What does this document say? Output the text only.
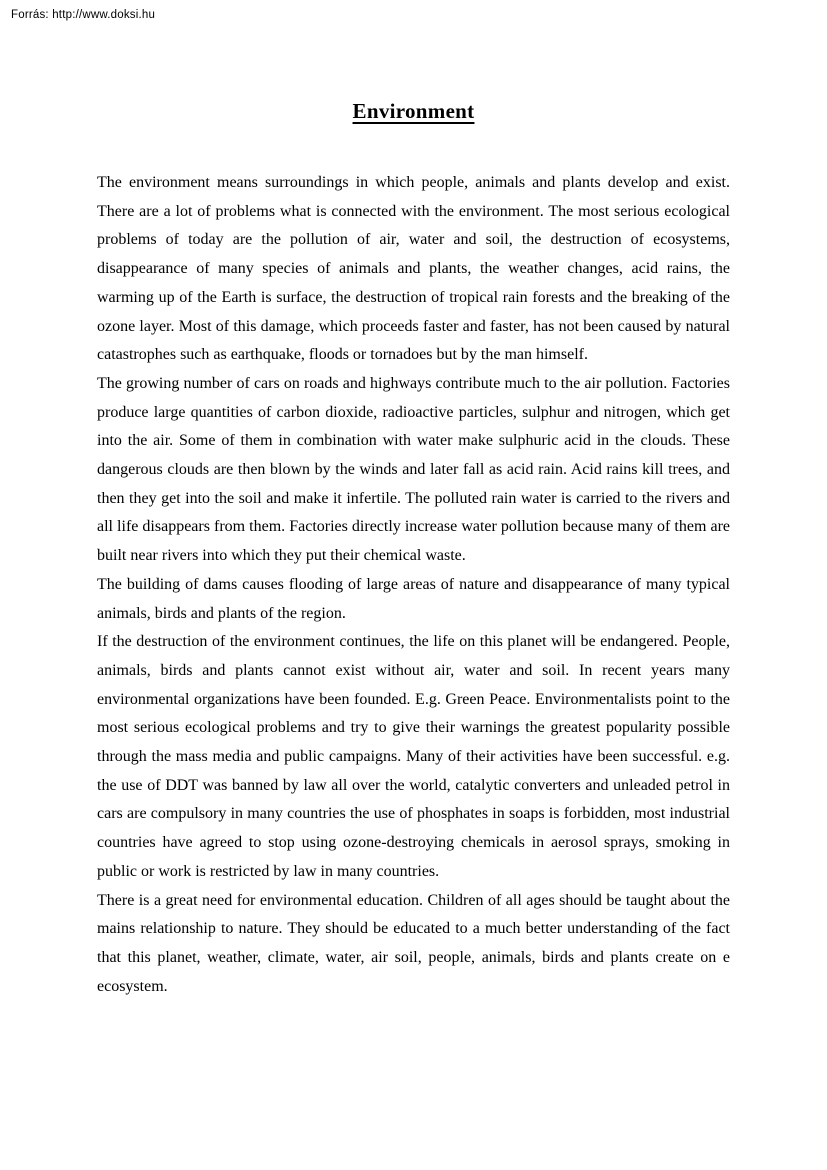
Forrás: http://www.doksi.hu
Environment

The environment means surroundings in which people, animals and plants develop and exist. There are a lot of problems what is connected with the environment. The most serious ecological problems of today are the pollution of air, water and soil, the destruction of ecosystems, disappearance of many species of animals and plants, the weather changes, acid rains, the warming up of the Earth is surface, the destruction of tropical rain forests and the breaking of the ozone layer. Most of this damage, which proceeds faster and faster, has not been caused by natural catastrophes such as earthquake, floods or tornadoes but by the man himself.

The growing number of cars on roads and highways contribute much to the air pollution. Factories produce large quantities of carbon dioxide, radioactive particles, sulphur and nitrogen, which get into the air. Some of them in combination with water make sulphuric acid in the clouds. These dangerous clouds are then blown by the winds and later fall as acid rain. Acid rains kill trees, and then they get into the soil and make it infertile. The polluted rain water is carried to the rivers and all life disappears from them. Factories directly increase water pollution because many of them are built near rivers into which they put their chemical waste.

The building of dams causes flooding of large areas of nature and disappearance of many typical animals, birds and plants of the region.

If the destruction of the environment continues, the life on this planet will be endangered. People, animals, birds and plants cannot exist without air, water and soil. In recent years many environmental organizations have been founded. E.g. Green Peace. Environmentalists point to the most serious ecological problems and try to give their warnings the greatest popularity possible through the mass media and public campaigns. Many of their activities have been successful. e.g. the use of DDT was banned by law all over the world, catalytic converters and unleaded petrol in cars are compulsory in many countries the use of phosphates in soaps is forbidden, most industrial countries have agreed to stop using ozone-destroying chemicals in aerosol sprays, smoking in public or work is restricted by law in many countries.

There is a great need for environmental education. Children of all ages should be taught about the mains relationship to nature. They should be educated to a much better understanding of the fact that this planet, weather, climate, water, air soil, people, animals, birds and plants create on e ecosystem.
